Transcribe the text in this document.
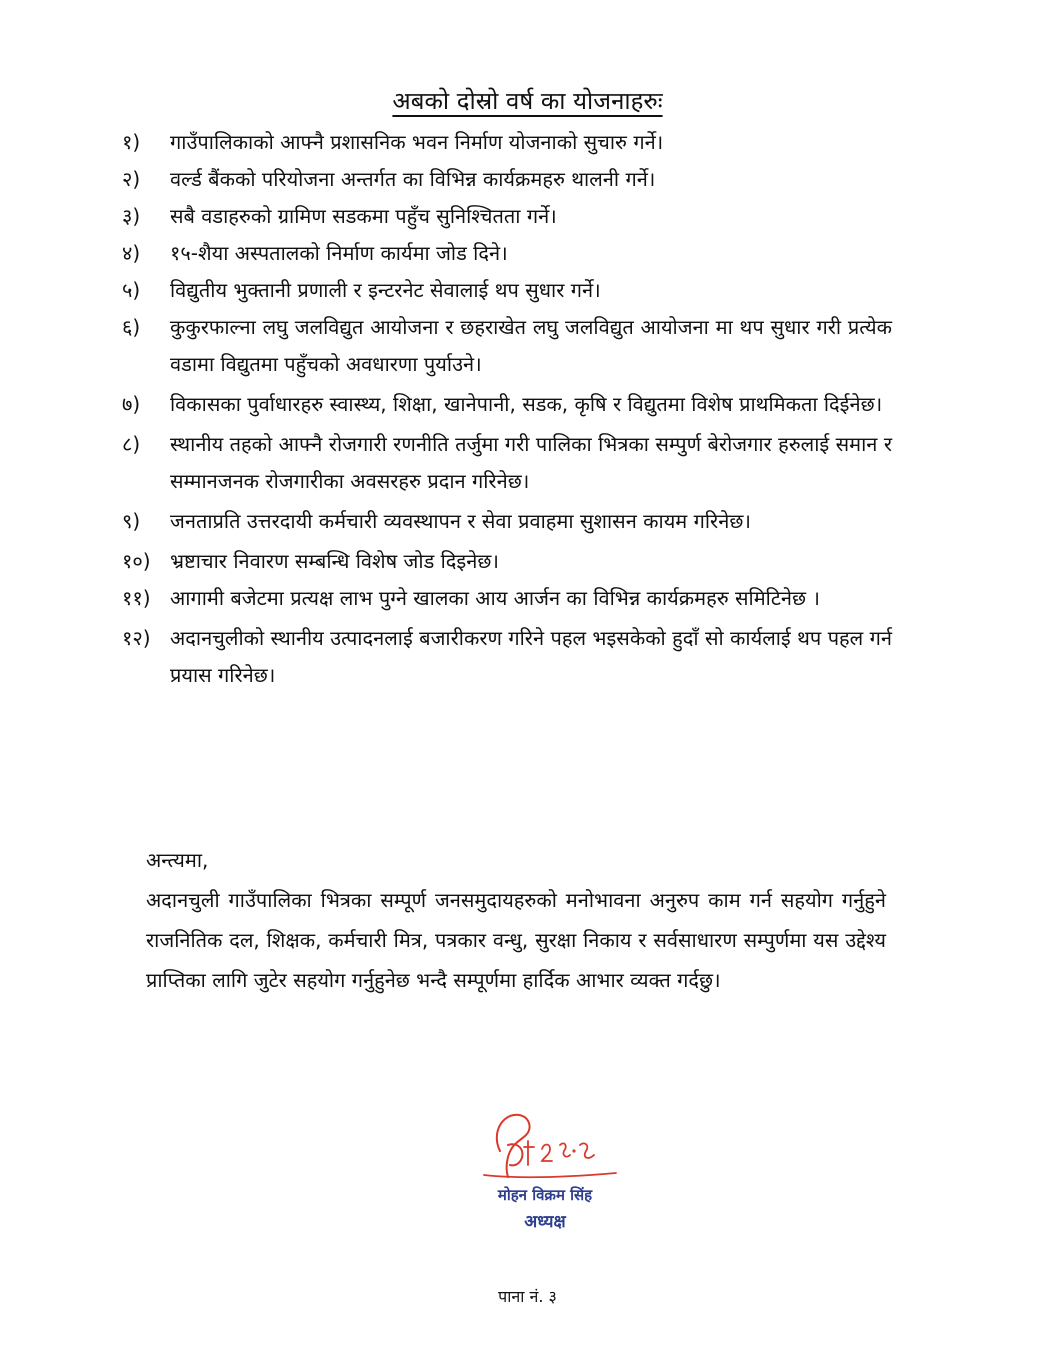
अबको दोस्रो वर्ष का योजनाहरुः
१)	गाउँपालिकाको आफ्नै प्रशासनिक भवन निर्माण योजनाको सुचारु गर्ने।
२)	वर्ल्ड बैंकको परियोजना अन्तर्गत का विभिन्न कार्यक्रमहरु थालनी गर्ने।
३)	सबै वडाहरुको ग्रामिण सडकमा पहुँच सुनिश्चितता गर्ने।
४)	१५-शैया अस्पतालको निर्माण कार्यमा जोड दिने।
५)	विद्युतीय भुक्तानी प्रणाली र इन्टरनेट सेवालाई थप सुधार गर्ने।
६)	कुकुरफाल्ना लघु जलविद्युत आयोजना र छहराखेत लघु जलविद्युत आयोजना मा थप सुधार गरी प्रत्येक वडामा विद्युतमा पहुँचको अवधारणा पुर्याउने।
७)	विकासका पुर्वाधारहरु स्वास्थ्य, शिक्षा, खानेपानी, सडक, कृषि र विद्युतमा विशेष प्राथमिकता दिईनेछ।
८)	स्थानीय तहको आफ्नै रोजगारी रणनीति तर्जुमा गरी पालिका भित्रका सम्पुर्ण बेरोजगार हरुलाई समान र सम्मानजनक रोजगारीका अवसरहरु प्रदान गरिनेछ।
९)	जनताप्रति उत्तरदायी कर्मचारी व्यवस्थापन र सेवा प्रवाहमा सुशासन कायम गरिनेछ।
१०) भ्रष्टाचार निवारण सम्बन्धि विशेष जोड दिइनेछ।
११) आगामी बजेटमा प्रत्यक्ष लाभ पुग्ने खालका आय आर्जन का विभिन्न कार्यक्रमहरु समिटिनेछ ।
१२) अदानचुलीको स्थानीय उत्पादनलाई बजारीकरण गरिने पहल भइसकेको हुदाँ सो कार्यलाई थप पहल गर्न प्रयास गरिनेछ।
अन्त्यमा,
अदानचुली गाउँपालिका भित्रका सम्पूर्ण जनसमुदायहरुको मनोभावना अनुरुप काम गर्न सहयोग गर्नुहुने राजनितिक दल, शिक्षक, कर्मचारी मित्र, पत्रकार वन्धु, सुरक्षा निकाय र सर्वसाधारण सम्पुर्णमा यस उद्देश्य प्राप्तिका लागि जुटेर सहयोग गर्नुहुनेछ भन्दै सम्पूर्णमा हार्दिक आभार व्यक्त गर्दछु।
मोहन विक्रम सिंह
अध्यक्ष
पाना नं. ३
